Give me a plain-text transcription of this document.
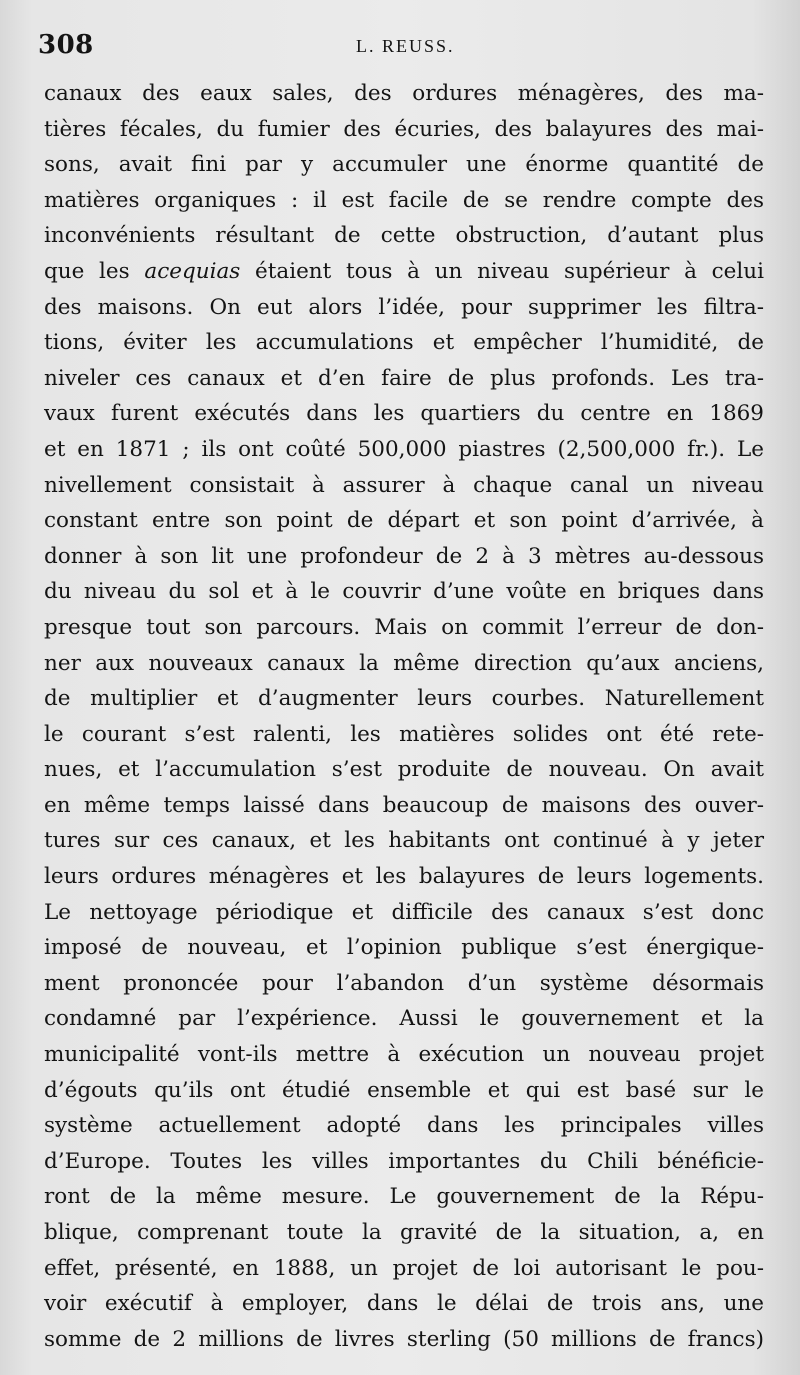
308	L. REUSS.
canaux des eaux sales, des ordures ménagères, des ma-
tières fécales, du fumier des écuries, des balayures des mai-
sons, avait fini par y accumuler une énorme quantité de
matières organiques : il est facile de se rendre compte des
inconvénients résultant de cette obstruction, d’autant plus
que les acequias étaient tous à un niveau supérieur à celui
des maisons. On eut alors l’idée, pour supprimer les filtra-
tions, éviter les accumulations et empêcher l’humidité, de
niveler ces canaux et d’en faire de plus profonds. Les tra-
vaux furent exécutés dans les quartiers du centre en 1869
et en 1871 ; ils ont coûté 500,000 piastres (2,500,000 fr.). Le
nivellement consistait à assurer à chaque canal un niveau
constant entre son point de départ et son point d’arrivée, à
donner à son lit une profondeur de 2 à 3 mètres au-dessous
du niveau du sol et à le couvrir d’une voûte en briques dans
presque tout son parcours. Mais on commit l’erreur de don-
ner aux nouveaux canaux la même direction qu’aux anciens,
de multiplier et d’augmenter leurs courbes. Naturellement
le courant s’est ralenti, les matières solides ont été rete-
nues, et l’accumulation s’est produite de nouveau. On avait
en même temps laissé dans beaucoup de maisons des ouver-
tures sur ces canaux, et les habitants ont continué à y jeter
leurs ordures ménagères et les balayures de leurs logements.
Le nettoyage périodique et difficile des canaux s’est donc
imposé de nouveau, et l’opinion publique s’est énergique-
ment prononcée pour l’abandon d’un système désormais
condamné par l’expérience. Aussi le gouvernement et la
municipalité vont-ils mettre à exécution un nouveau projet
d’égouts qu’ils ont étudié ensemble et qui est basé sur le
système actuellement adopté dans les principales villes
d’Europe. Toutes les villes importantes du Chili bénéficie-
ront de la même mesure. Le gouvernement de la Répu-
blique, comprenant toute la gravité de la situation, a, en
effet, présenté, en 1888, un projet de loi autorisant le pou-
voir exécutif à employer, dans le délai de trois ans, une
somme de 2 millions de livres sterling (50 millions de francs)
